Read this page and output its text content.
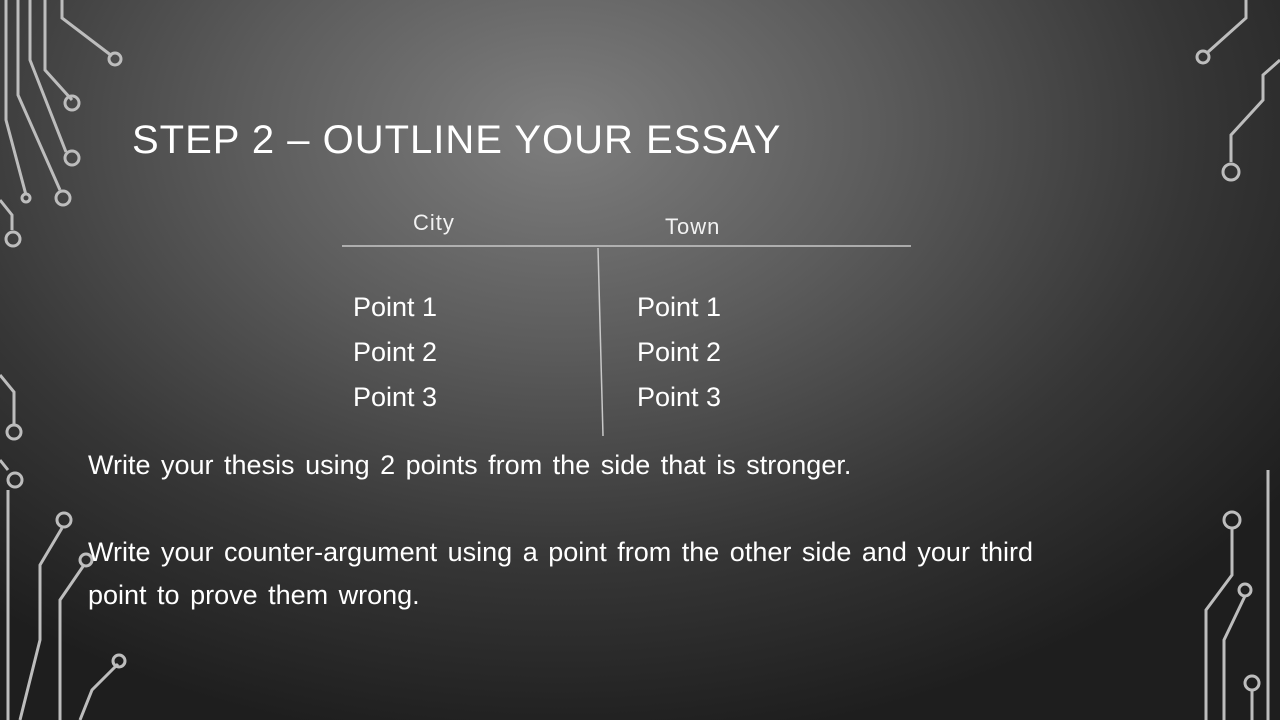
STEP 2 – OUTLINE YOUR ESSAY
City	Town
Point 1
Point 2
Point 3
Point 1
Point 2
Point 3
Write your thesis using 2 points from the side that is stronger.
Write your counter-argument using a point from the other side and your third point to prove them wrong.
